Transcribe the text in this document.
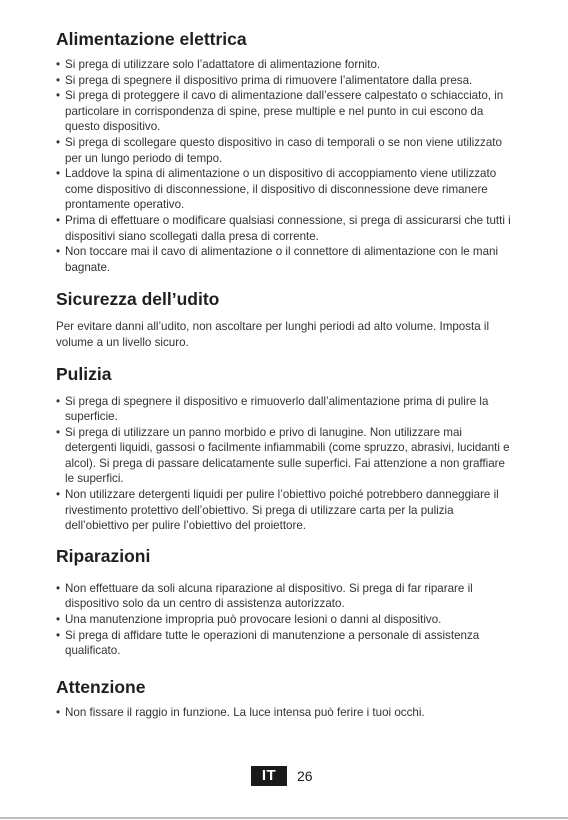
Alimentazione elettrica
• Si prega di utilizzare solo l’adattatore di alimentazione fornito.
• Si prega di spegnere il dispositivo prima di rimuovere l’alimentatore dalla presa.
• Si prega di proteggere il cavo di alimentazione dall’essere calpestato o schiacciato, in particolare in corrispondenza di spine, prese multiple e nel punto in cui escono da questo dispositivo.
• Si prega di scollegare questo dispositivo in caso di temporali o se non viene utilizzato per un lungo periodo di tempo.
• Laddove la spina di alimentazione o un dispositivo di accoppiamento viene utilizzato come dispositivo di disconnessione, il dispositivo di disconnessione deve rimanere prontamente operativo.
• Prima di effettuare o modificare qualsiasi connessione, si prega di assicurarsi che tutti i dispositivi siano scollegati dalla presa di corrente.
• Non toccare mai il cavo di alimentazione o il connettore di alimentazione con le mani bagnate.
Sicurezza dell’udito

Per evitare danni all’udito, non ascoltare per lunghi periodi ad alto volume. Imposta il volume a un livello sicuro.

Pulizia
• Si prega di spegnere il dispositivo e rimuoverlo dall’alimentazione prima di pulire la superficie.
• Si prega di utilizzare un panno morbido e privo di lanugine. Non utilizzare mai detergenti liquidi, gassosi o facilmente infiammabili (come spruzzo, abrasivi, lucidanti e alcol). Si prega di passare delicatamente sulle superfici. Fai attenzione a non graffiare le superfici.
• Non utilizzare detergenti liquidi per pulire l’obiettivo poiché potrebbero danneggiare il rivestimento protettivo dell’obiettivo. Si prega di utilizzare carta per la pulizia dell’obiettivo per pulire l’obiettivo del proiettore.
Riparazioni
• Non effettuare da soli alcuna riparazione al dispositivo. Si prega di far riparare il dispositivo solo da un centro di assistenza autorizzato.
• Una manutenzione impropria può provocare lesioni o danni al dispositivo.
• Si prega di affidare tutte le operazioni di manutenzione a personale di assistenza qualificato.
Attenzione
• Non fissare il raggio in funzione. La luce intensa può ferire i tuoi occhi.
IT	26
